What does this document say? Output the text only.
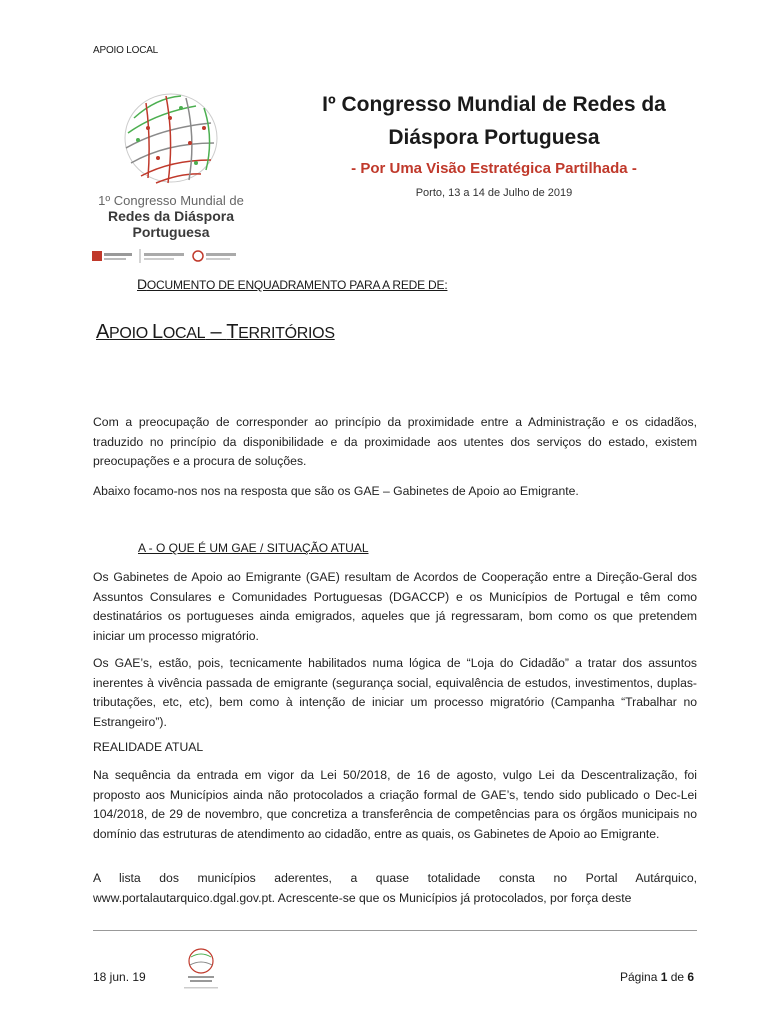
APOIO LOCAL
1º Congresso Mundial de
Redes da Diáspora
Portuguesa
Iº Congresso Mundial de Redes da
Diáspora Portuguesa
- Por Uma Visão Estratégica Partilhada -
Porto, 13 a 14 de Julho de 2019
DOCUMENTO DE ENQUADRAMENTO PARA A REDE DE:
APOIO LOCAL – TERRITÓRIOS
Com a preocupação de corresponder ao princípio da proximidade entre a Administração e os cidadãos, traduzido no princípio da disponibilidade e da proximidade aos utentes dos serviços do estado, existem preocupações e a procura de soluções.
Abaixo focamo-nos nos na resposta que são os GAE – Gabinetes de Apoio ao Emigrante.
A - O QUE É UM GAE / SITUAÇÃO ATUAL
Os Gabinetes de Apoio ao Emigrante (GAE) resultam de Acordos de Cooperação entre a Direção-Geral dos Assuntos Consulares e Comunidades Portuguesas (DGACCP) e os Municípios de Portugal e têm como destinatários os portugueses ainda emigrados, aqueles que já regressaram, bom como os que pretendem iniciar um processo migratório.
Os GAE’s, estão, pois, tecnicamente habilitados numa lógica de “Loja do Cidadão” a tratar dos assuntos inerentes à vivência passada de emigrante (segurança social, equivalência de estudos, investimentos, duplas-tributações, etc, etc), bem como à intenção de iniciar um processo migratório (Campanha “Trabalhar no Estrangeiro”).
REALIDADE ATUAL
Na sequência da entrada em vigor da Lei 50/2018, de 16 de agosto, vulgo Lei da Descentralização, foi proposto aos Municípios ainda não protocolados a criação formal de GAE’s, tendo sido publicado o Dec-Lei 104/2018, de 29 de novembro, que concretiza a transferência de competências para os órgãos municipais no domínio das estruturas de atendimento ao cidadão, entre as quais, os Gabinetes de Apoio ao Emigrante.
A lista dos municípios aderentes, a quase totalidade consta no Portal Autárquico, www.portalautarquico.dgal.gov.pt. Acrescente-se que os Municípios já protocolados, por força deste
18 jun. 19	Página 1 de 6
